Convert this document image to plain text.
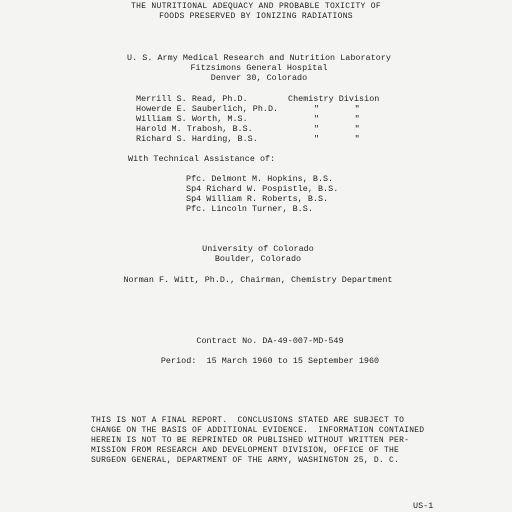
THE NUTRITIONAL ADEQUACY AND PROBABLE TOXICITY OF
FOODS PRESERVED BY IONIZING RADIATIONS
U. S. Army Medical Research and Nutrition Laboratory
Fitzsimons General Hospital
Denver 30, Colorado
Merrill S. Read, Ph.D.	Chemistry Division
Howerde E. Sauberlich, Ph.D.	"       "
William S. Worth, M.S.	"       "
Harold M. Trabosh, B.S.	"       "
Richard S. Harding, B.S.	"       "
With Technical Assistance of:
Pfc. Delmont M. Hopkins, B.S.
Sp4 Richard W. Pospistle, B.S.
Sp4 William R. Roberts, B.S.
Pfc. Lincoln Turner, B.S.
University of Colorado
Boulder, Colorado
Norman F. Witt, Ph.D., Chairman, Chemistry Department
Contract No. DA-49-007-MD-549
Period:  15 March 1960 to 15 September 1960
THIS IS NOT A FINAL REPORT.  CONCLUSIONS STATED ARE SUBJECT TO
CHANGE ON THE BASIS OF ADDITIONAL EVIDENCE.  INFORMATION CONTAINED
HEREIN IS NOT TO BE REPRINTED OR PUBLISHED WITHOUT WRITTEN PER-
MISSION FROM RESEARCH AND DEVELOPMENT DIVISION, OFFICE OF THE
SURGEON GENERAL, DEPARTMENT OF THE ARMY, WASHINGTON 25, D. C.
US-1
